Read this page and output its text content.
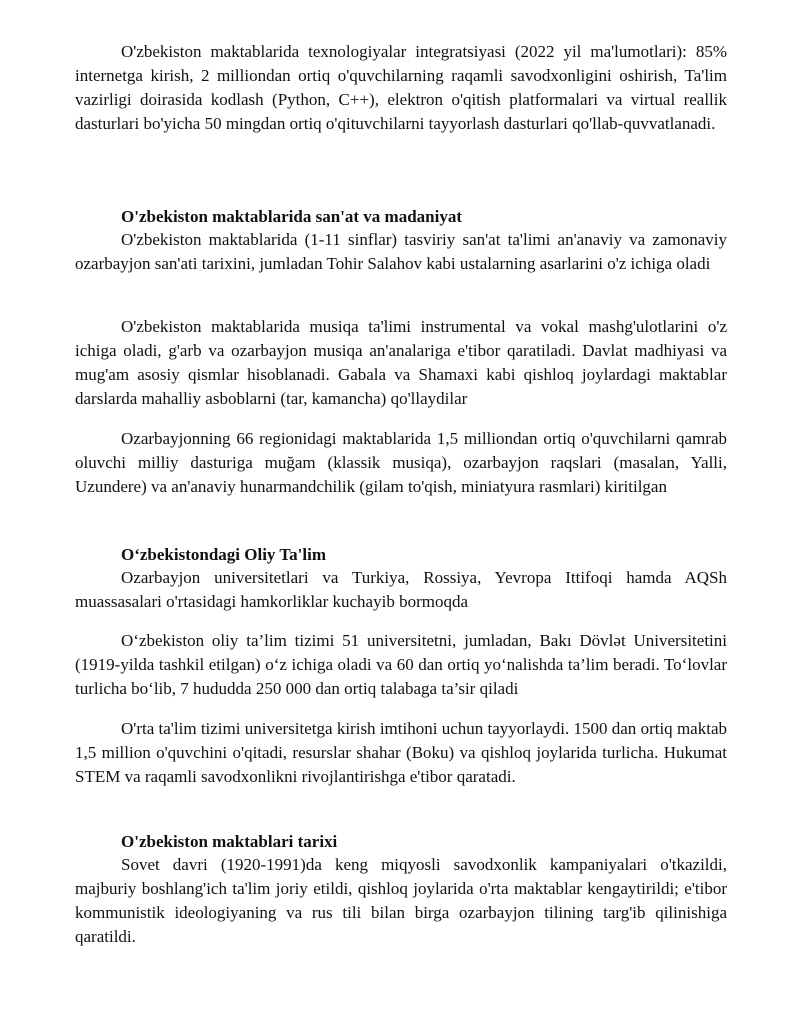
O'zbekiston maktablarida texnologiyalar integratsiyasi (2022 yil ma'lumotlari): 85% internetga kirish, 2 milliondan ortiq o'quvchilarning raqamli savodxonligini oshirish, Ta'lim vazirligi doirasida kodlash (Python, C++), elektron o'qitish platformalari va virtual reallik dasturlari bo'yicha 50 mingdan ortiq o'qituvchilarni tayyorlash dasturlari qo'llab-quvvatlanadi.

O'zbekiston maktablarida san'at va madaniyat

O'zbekiston maktablarida (1-11 sinflar) tasviriy san'at ta'limi an'anaviy va zamonaviy ozarbayjon san'ati tarixini, jumladan Tohir Salahov kabi ustalarning asarlarini o'z ichiga oladi

O'zbekiston maktablarida musiqa ta'limi instrumental va vokal mashg'ulotlarini o'z ichiga oladi, g'arb va ozarbayjon musiqa an'analariga e'tibor qaratiladi. Davlat madhiyasi va mug'am asosiy qismlar hisoblanadi. Gabala va Shamaxi kabi qishloq joylardagi maktablar darslarda mahalliy asboblarni (tar, kamancha) qo'llaydilar

Ozarbayjonning 66 regionidagi maktablarida 1,5 milliondan ortiq o'quvchilarni qamrab oluvchi milliy dasturiga muğam (klassik musiqa), ozarbayjon raqslari (masalan, Yalli, Uzundere) va an'anaviy hunarmandchilik (gilam to'qish, miniatyura rasmlari) kiritilgan

O‘zbekistondagi Oliy Ta'lim

Ozarbayjon universitetlari va Turkiya, Rossiya, Yevropa Ittifoqi hamda AQSh muassasalari o'rtasidagi hamkorliklar kuchayib bormoqda

O‘zbekiston oliy ta’lim tizimi 51 universitetni, jumladan, Bakı Dövlət Universitetini (1919-yilda tashkil etilgan) o‘z ichiga oladi va 60 dan ortiq yo‘nalishda ta’lim beradi. To‘lovlar turlicha bo‘lib, 7 hududda 250 000 dan ortiq talabaga ta’sir qiladi

O'rta ta'lim tizimi universitetga kirish imtihoni uchun tayyorlaydi. 1500 dan ortiq maktab 1,5 million o'quvchini o'qitadi, resurslar shahar (Boku) va qishloq joylarida turlicha. Hukumat STEM va raqamli savodxonlikni rivojlantirishga e'tibor qaratadi.

O'zbekiston maktablari tarixi

Sovet davri (1920-1991)da keng miqyosli savodxonlik kampaniyalari o'tkazildi, majburiy boshlang'ich ta'lim joriy etildi, qishloq joylarida o'rta maktablar kengaytirildi; e'tibor kommunistik ideologiyaning va rus tili bilan birga ozarbayjon tilining targ'ib qilinishiga qaratildi.
